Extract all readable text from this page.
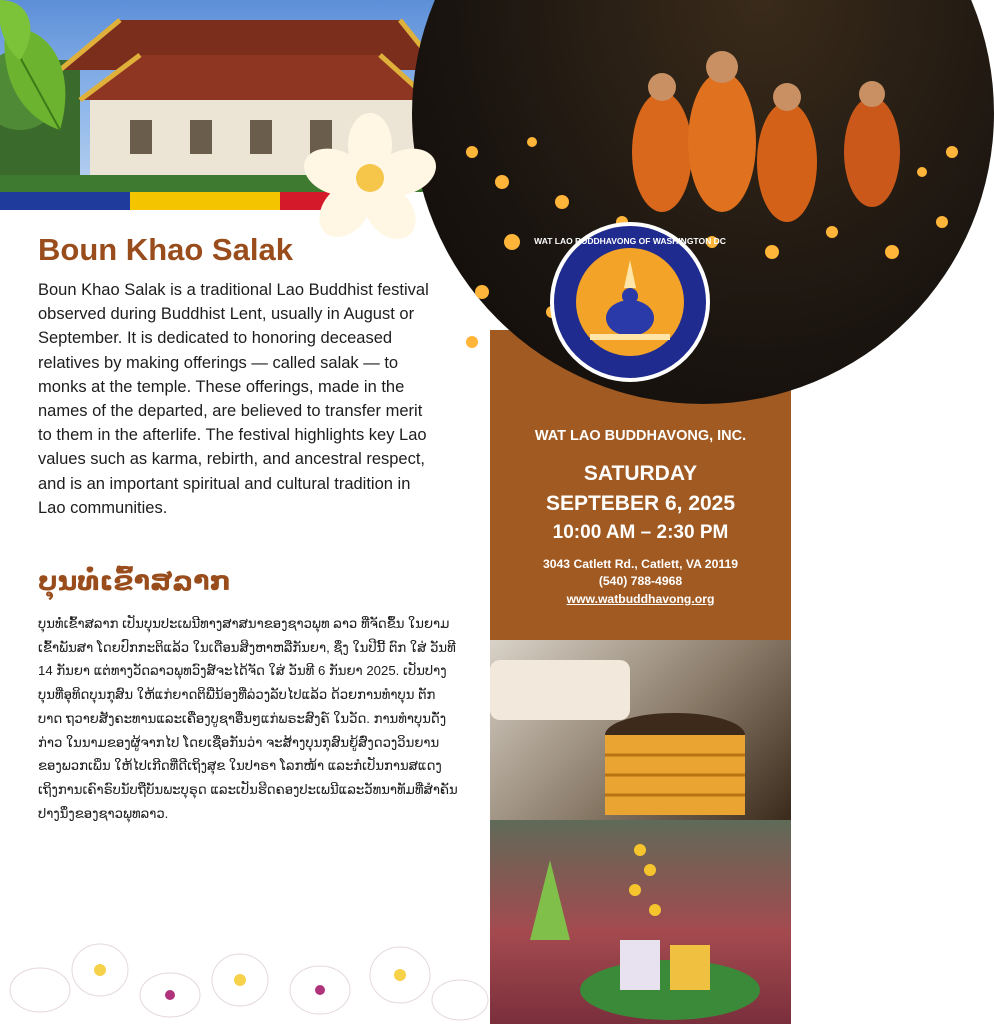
WAT LAO BUDDHAVONG OF WASHINGTON DC
Boun Khao Salak

Boun Khao Salak is a traditional Lao Buddhist festival observed during Buddhist Lent, usually in August or September. It is dedicated to honoring deceased relatives by making offerings — called salak — to monks at the temple. These offerings, made in the names of the departed, are believed to transfer merit to them in the afterlife. The festival highlights key Lao values such as karma, rebirth, and ancestral respect, and is an important spiritual and cultural tradition in Lao communities.

ບຸນທໍ່ເຂົ້າສລາກ

ບຸນທໍ່ເຂົ້າສລາກ ເປັນບຸນປະເພນີທາງສາສນາຂອງຊາວພຸທ ລາວ ທີ່ຈັດຂຶ້ນ ໃນຍາມເຂົ້າພັນສາ ໂດຍປົກກະຕິແລ້ວ ໃນເດືອນສິງຫາຫລືກັນຍາ, ຊຶ່ງ ໃນປີນີ້ ຕົກ ໃສ່ ວັນທີ 14 ກັນຍາ ແຕ່ທາງວັດລາວພຸທວົງສ໌ຈະໄດ້ຈັດ ໃສ່ ວັນທີ 6 ກັນຍາ 2025. ເປັນປາງບຸນທີ່ອຸທິດບຸນກຸສົນ ໃຫ້ແກ່ຍາດຕິພີ່ນ້ອງທີ່ລ່ວງລັບໄປແລ້ວ ດ້ວຍການທຳບຸນ ຕັກບາດ ຖວາຍສັງຄະທານແລະເຄື່ອງບູຊາອື່ນໆແກ່ພຣະສົງຄ໌ ໃນວັດ. ການທຳບຸນດັ່ງກ່າວ ໃນນາມຂອງຜູ້ຈາກໄປ ໂດຍເຊື່ອກັນວ່າ ຈະສ້າງບຸນກຸສົນຍູ້ສົ່ງດວງວິນຍານຂອງພວກເພິ່ນ ໃຫ້ໄປເກີດທີ່ດີເຖິງສຸຂ ໃນປາຣາ ໂລກໜ້າ ແລະກໍເປັນການສແດງເຖິງການເຄົາຣົບນັບຖືບັນພະບຸຣຸດ ແລະເປັນຮີດຄອງປະເພນີແລະວັທນາທັມທີ່ສຳຄັນປາງນຶ່ງຂອງຊາວພຸທລາວ.

WAT LAO BUDDHAVONG, INC.

SATURDAY

SEPTEBER 6, 2025

10:00 AM – 2:30 PM

3043 Catlett Rd., Catlett, VA 20119

(540) 788-4968

www.watbuddhavong.org
